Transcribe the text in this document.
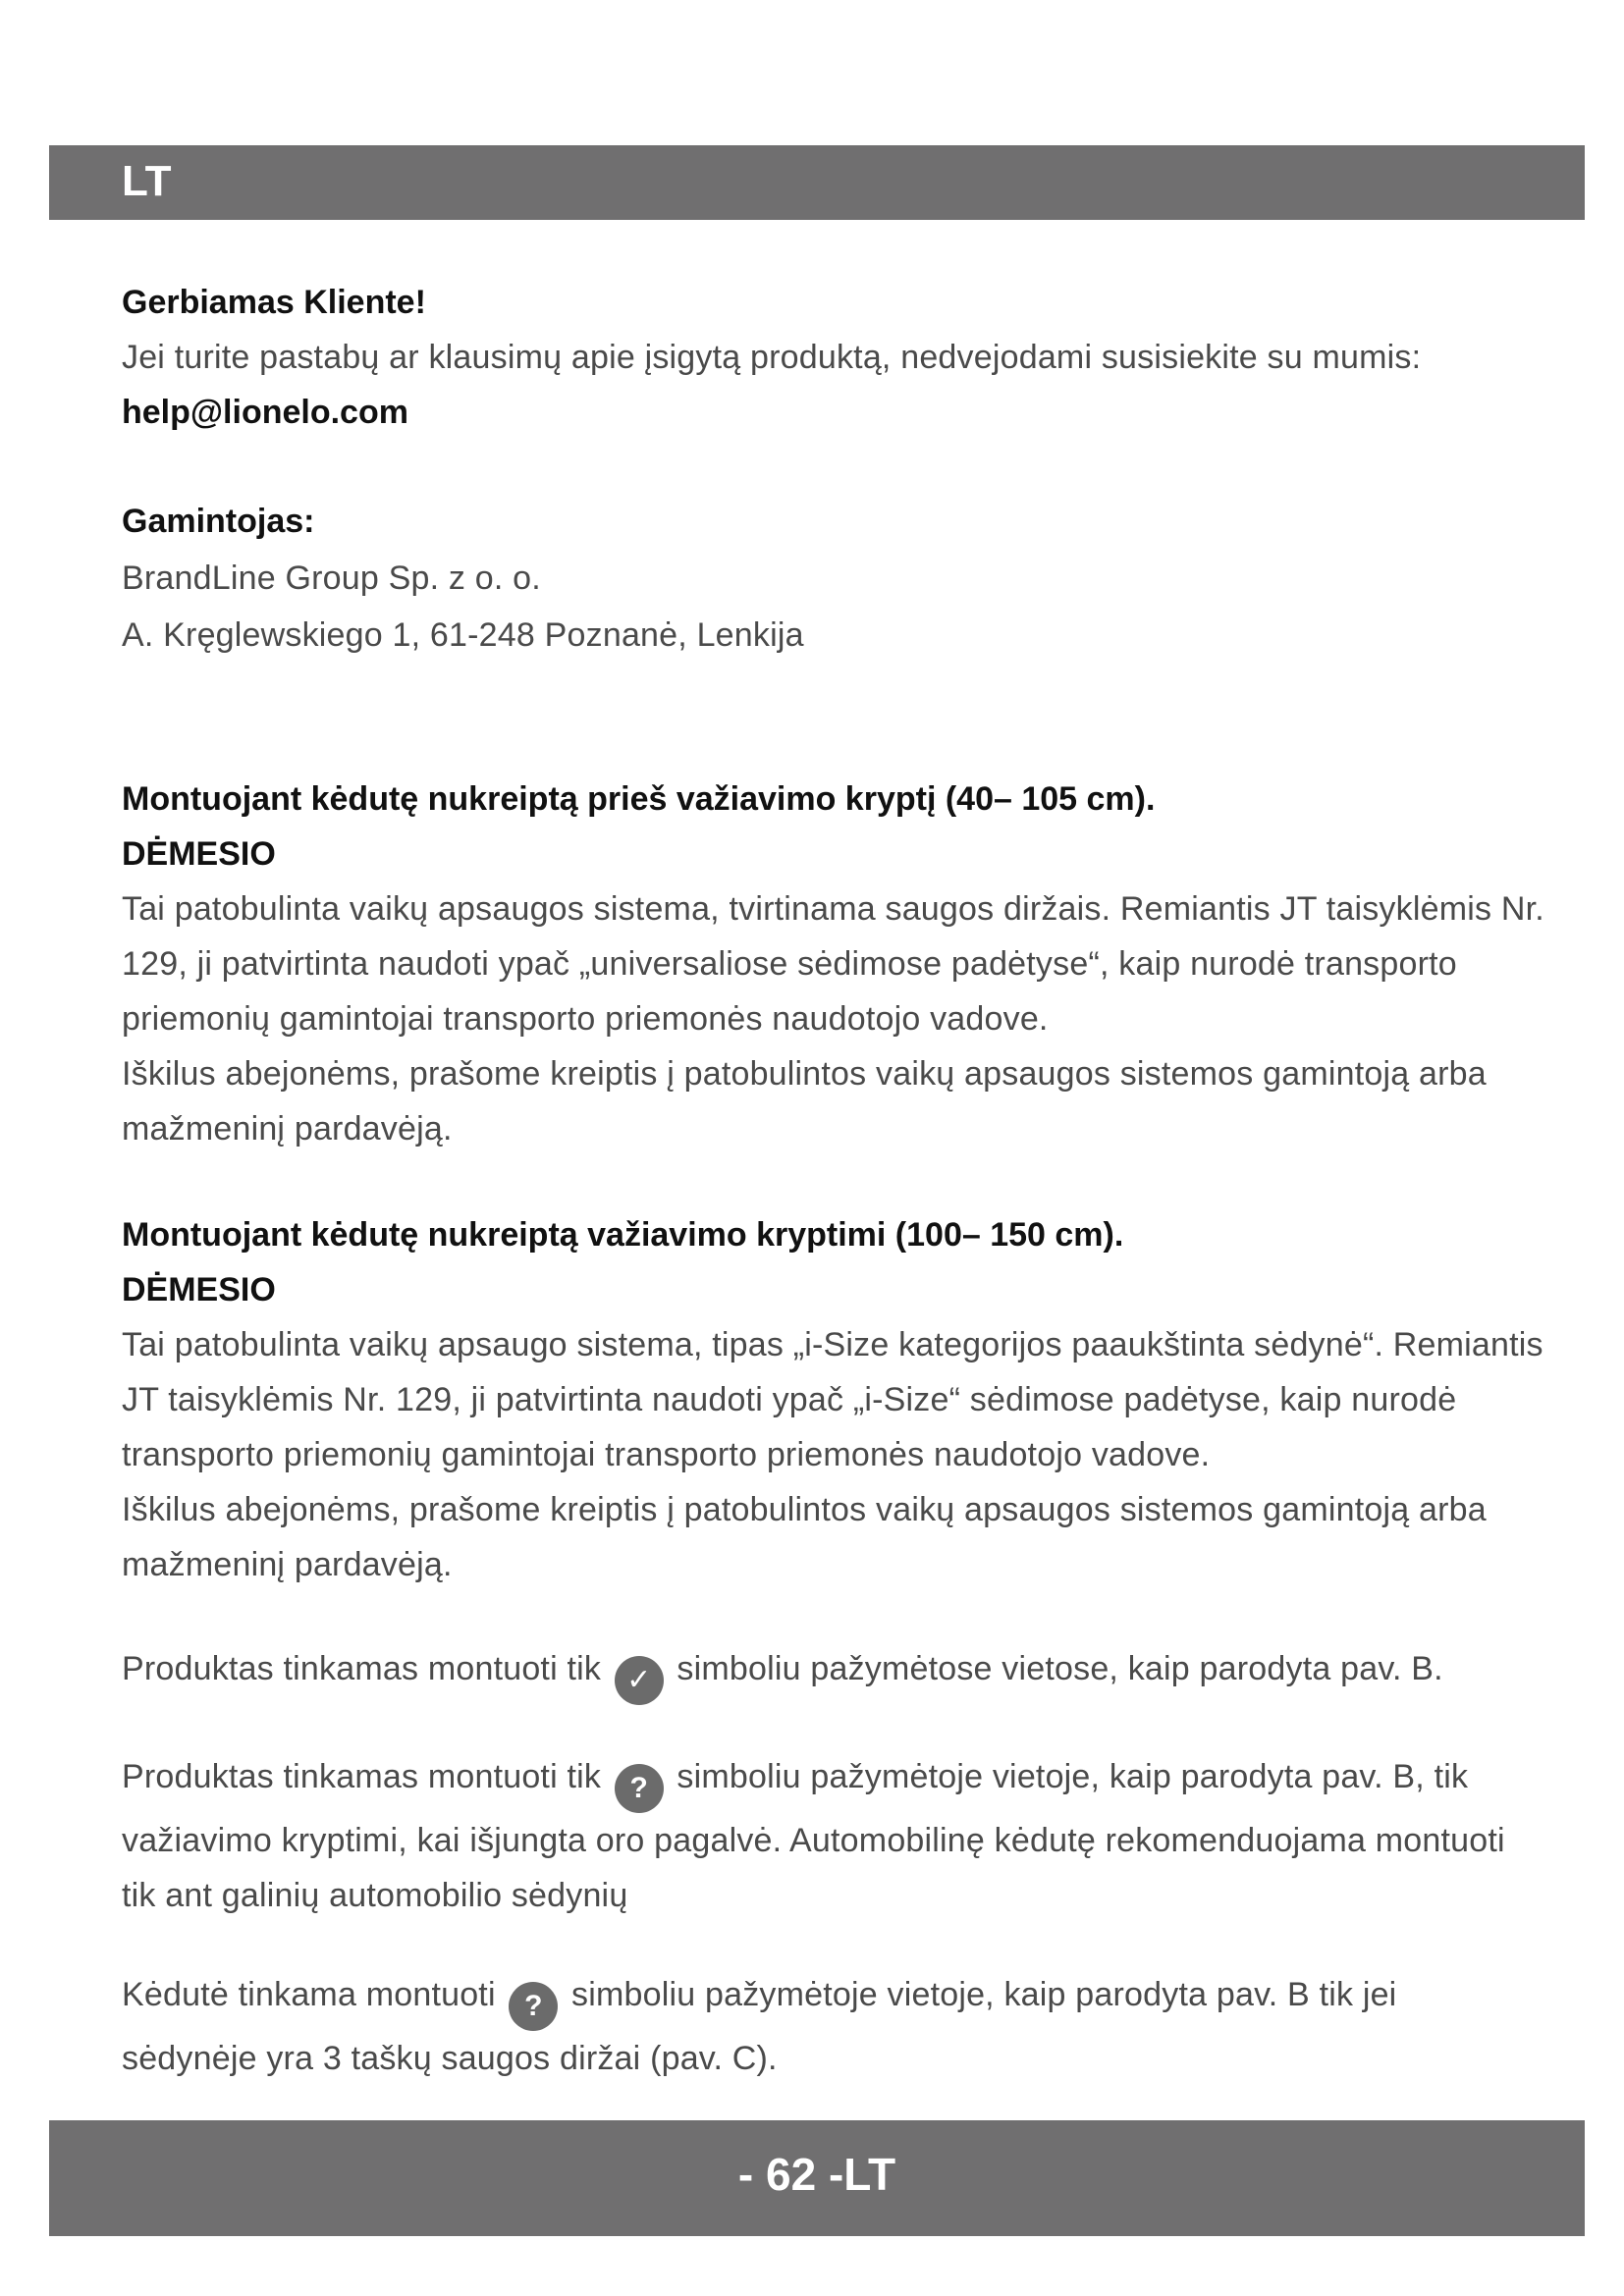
LT

Gerbiamas Kliente!

Jei turite pastabų ar klausimų apie įsigytą produktą, nedvejodami susisiekite su mumis:

help@lionelo.com

Gamintojas:

BrandLine Group Sp. z o. o.

A. Kręglewskiego 1, 61-248 Poznanė, Lenkija

Montuojant kėdutę nukreiptą prieš važiavimo kryptį (40– 105 cm).

DĖMESIO

Tai patobulinta vaikų apsaugos sistema, tvirtinama saugos diržais. Remiantis JT taisyklėmis Nr.

129, ji patvirtinta naudoti ypač „universaliose sėdimose padėtyse“, kaip nurodė transporto

priemonių gamintojai transporto priemonės naudotojo vadove.

Iškilus abejonėms, prašome kreiptis į patobulintos vaikų apsaugos sistemos gamintoją arba

mažmeninį pardavėją.

Montuojant kėdutę nukreiptą važiavimo kryptimi (100– 150 cm).

DĖMESIO

Tai patobulinta vaikų apsaugo sistema, tipas „i-Size kategorijos paaukštinta sėdynė“. Remiantis

JT taisyklėmis Nr. 129, ji patvirtinta naudoti ypač „i-Size“ sėdimose padėtyse, kaip nurodė

transporto priemonių gamintojai transporto priemonės naudotojo vadove.

Iškilus abejonėms, prašome kreiptis į patobulintos vaikų apsaugos sistemos gamintoją arba

mažmeninį pardavėją.

Produktas tinkamas montuoti tik ✓ simboliu pažymėtose vietose, kaip parodyta pav. B.

Produktas tinkamas montuoti tik ? simboliu pažymėtoje vietoje, kaip parodyta pav. B, tik

važiavimo kryptimi, kai išjungta oro pagalvė. Automobilinę kėdutę rekomenduojama montuoti

tik ant galinių automobilio sėdynių

Kėdutė tinkama montuoti ? simboliu pažymėtoje vietoje, kaip parodyta pav. B tik jei

sėdynėje yra 3 taškų saugos diržai (pav. C).

- 62 -LT
